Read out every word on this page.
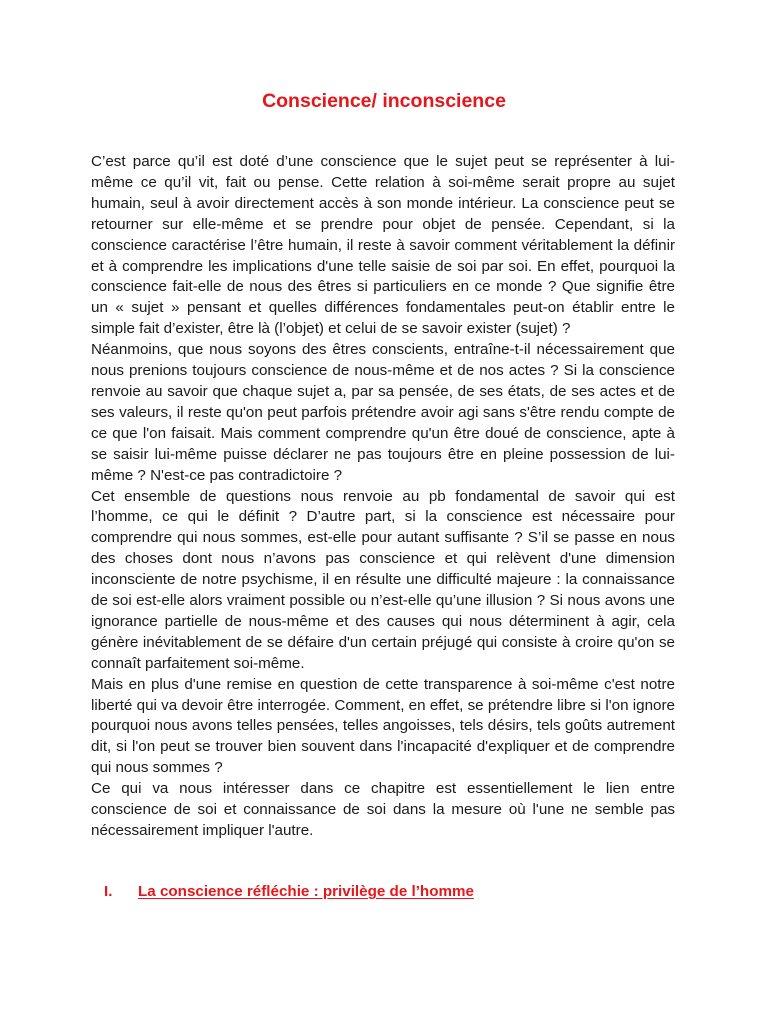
Conscience/ inconscience

C’est parce qu’il est doté d’une conscience que le sujet peut se représenter à lui-même ce qu’il vit, fait ou pense. Cette relation à soi-même serait propre au sujet humain, seul à avoir directement accès à son monde intérieur. La conscience peut se retourner sur elle-même et se prendre pour objet de pensée. Cependant, si la conscience caractérise l’être humain, il reste à savoir comment véritablement la définir et à comprendre les implications d'une telle saisie de soi par soi. En effet, pourquoi la conscience fait-elle de nous des êtres si particuliers en ce monde ? Que signifie être un « sujet » pensant et quelles différences fondamentales peut-on établir entre le simple fait d’exister, être là (l’objet) et celui de se savoir exister (sujet) ?

Néanmoins, que nous soyons des êtres conscients, entraîne-t-il nécessairement que nous prenions toujours conscience de nous-même et de nos actes ? Si la conscience renvoie au savoir que chaque sujet a, par sa pensée, de ses états, de ses actes et de ses valeurs, il reste qu'on peut parfois prétendre avoir agi sans s'être rendu compte de ce que l'on faisait. Mais comment comprendre qu'un être doué de conscience, apte à se saisir lui-même puisse déclarer ne pas toujours être en pleine possession de lui-même ? N'est-ce pas contradictoire ?

Cet ensemble de questions nous renvoie au pb fondamental de savoir qui est l’homme, ce qui le définit ? D’autre part, si la conscience est nécessaire pour comprendre qui nous sommes, est-elle pour autant suffisante ? S’il se passe en nous des choses dont nous n’avons pas conscience et qui relèvent d'une dimension inconsciente de notre psychisme, il en résulte une difficulté majeure : la connaissance de soi est-elle alors vraiment possible ou n’est-elle qu’une illusion ? Si nous avons une ignorance partielle de nous-même et des causes qui nous déterminent à agir, cela génère inévitablement de se défaire d'un certain préjugé qui consiste à croire qu'on se connaît parfaitement soi-même.

Mais en plus d'une remise en question de cette transparence à soi-même c'est notre liberté qui va devoir être interrogée. Comment, en effet, se prétendre libre si l'on ignore pourquoi nous avons telles pensées, telles angoisses, tels désirs, tels goûts autrement dit, si l'on peut se trouver bien souvent dans l'incapacité d'expliquer et de comprendre qui nous sommes ?

Ce qui va nous intéresser dans ce chapitre est essentiellement le lien entre conscience de soi et connaissance de soi dans la mesure où l'une ne semble pas nécessairement impliquer l'autre.

I. La conscience réfléchie : privilège de l’homme
